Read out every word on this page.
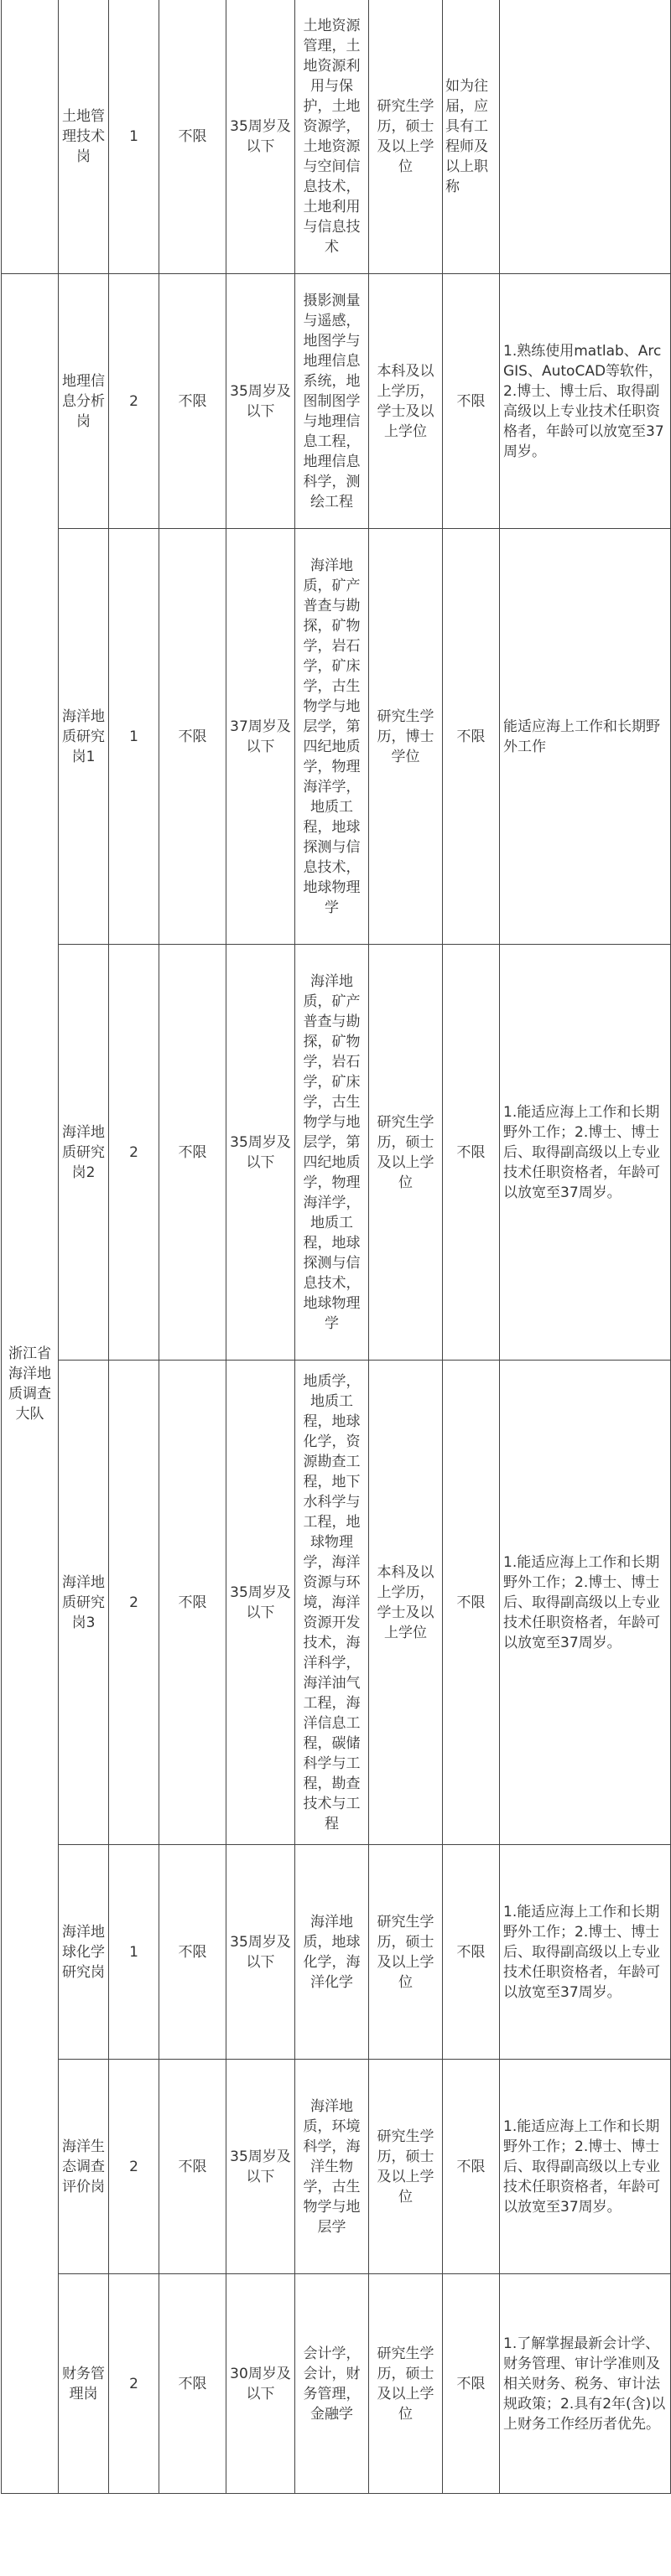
	土地管理技术岗	1	不限	35周岁及以下	土地资源管理，土地资源利用与保护，土地资源学，土地资源与空间信息技术，土地利用与信息技术	研究生学历，硕士及以上学位	如为往届，应具有工程师及以上职称	

浙江省海洋地质调查大队	地理信息分析岗	2	不限	35周岁及以下	摄影测量与遥感，地图学与地理信息系统，地图制图学与地理信息工程，地理信息科学，测绘工程	本科及以上学历，学士及以上学位	不限	1.熟练使用matlab、ArcGIS、AutoCAD等软件，2.博士、博士后、取得副高级以上专业技术任职资格者，年龄可以放宽至37周岁。
	海洋地质研究岗1	1	不限	37周岁及以下	海洋地质，矿产普查与勘探，矿物学，岩石学，矿床学，古生物学与地层学，第四纪地质学，物理海洋学，地质工程，地球探测与信息技术，地球物理学	研究生学历，博士学位	不限	能适应海上工作和长期野外工作
	海洋地质研究岗2	2	不限	35周岁及以下	海洋地质，矿产普查与勘探，矿物学，岩石学，矿床学，古生物学与地层学，第四纪地质学，物理海洋学，地质工程，地球探测与信息技术，地球物理学	研究生学历，硕士及以上学位	不限	1.能适应海上工作和长期野外工作；2.博士、博士后、取得副高级以上专业技术任职资格者，年龄可以放宽至37周岁。
	海洋地质研究岗3	2	不限	35周岁及以下	地质学，地质工程，地球化学，资源勘查工程，地下水科学与工程，地球物理学，海洋资源与环境，海洋资源开发技术，海洋科学，海洋油气工程，海洋信息工程，碳储科学与工程，勘查技术与工程	本科及以上学历，学士及以上学位	不限	1.能适应海上工作和长期野外工作；2.博士、博士后、取得副高级以上专业技术任职资格者，年龄可以放宽至37周岁。
	海洋地球化学研究岗	1	不限	35周岁及以下	海洋地质，地球化学，海洋化学	研究生学历，硕士及以上学位	不限	1.能适应海上工作和长期野外工作；2.博士、博士后、取得副高级以上专业技术任职资格者，年龄可以放宽至37周岁。
	海洋生态调查评价岗	2	不限	35周岁及以下	海洋地质，环境科学，海洋生物学，古生物学与地层学	研究生学历，硕士及以上学位	不限	1.能适应海上工作和长期野外工作；2.博士、博士后、取得副高级以上专业技术任职资格者，年龄可以放宽至37周岁。
	财务管理岗	2	不限	30周岁及以下	会计学，会计，财务管理，金融学	研究生学历，硕士及以上学位	不限	1.了解掌握最新会计学、财务管理、审计学准则及相关财务、税务、审计法规政策；2.具有2年(含)以上财务工作经历者优先。
